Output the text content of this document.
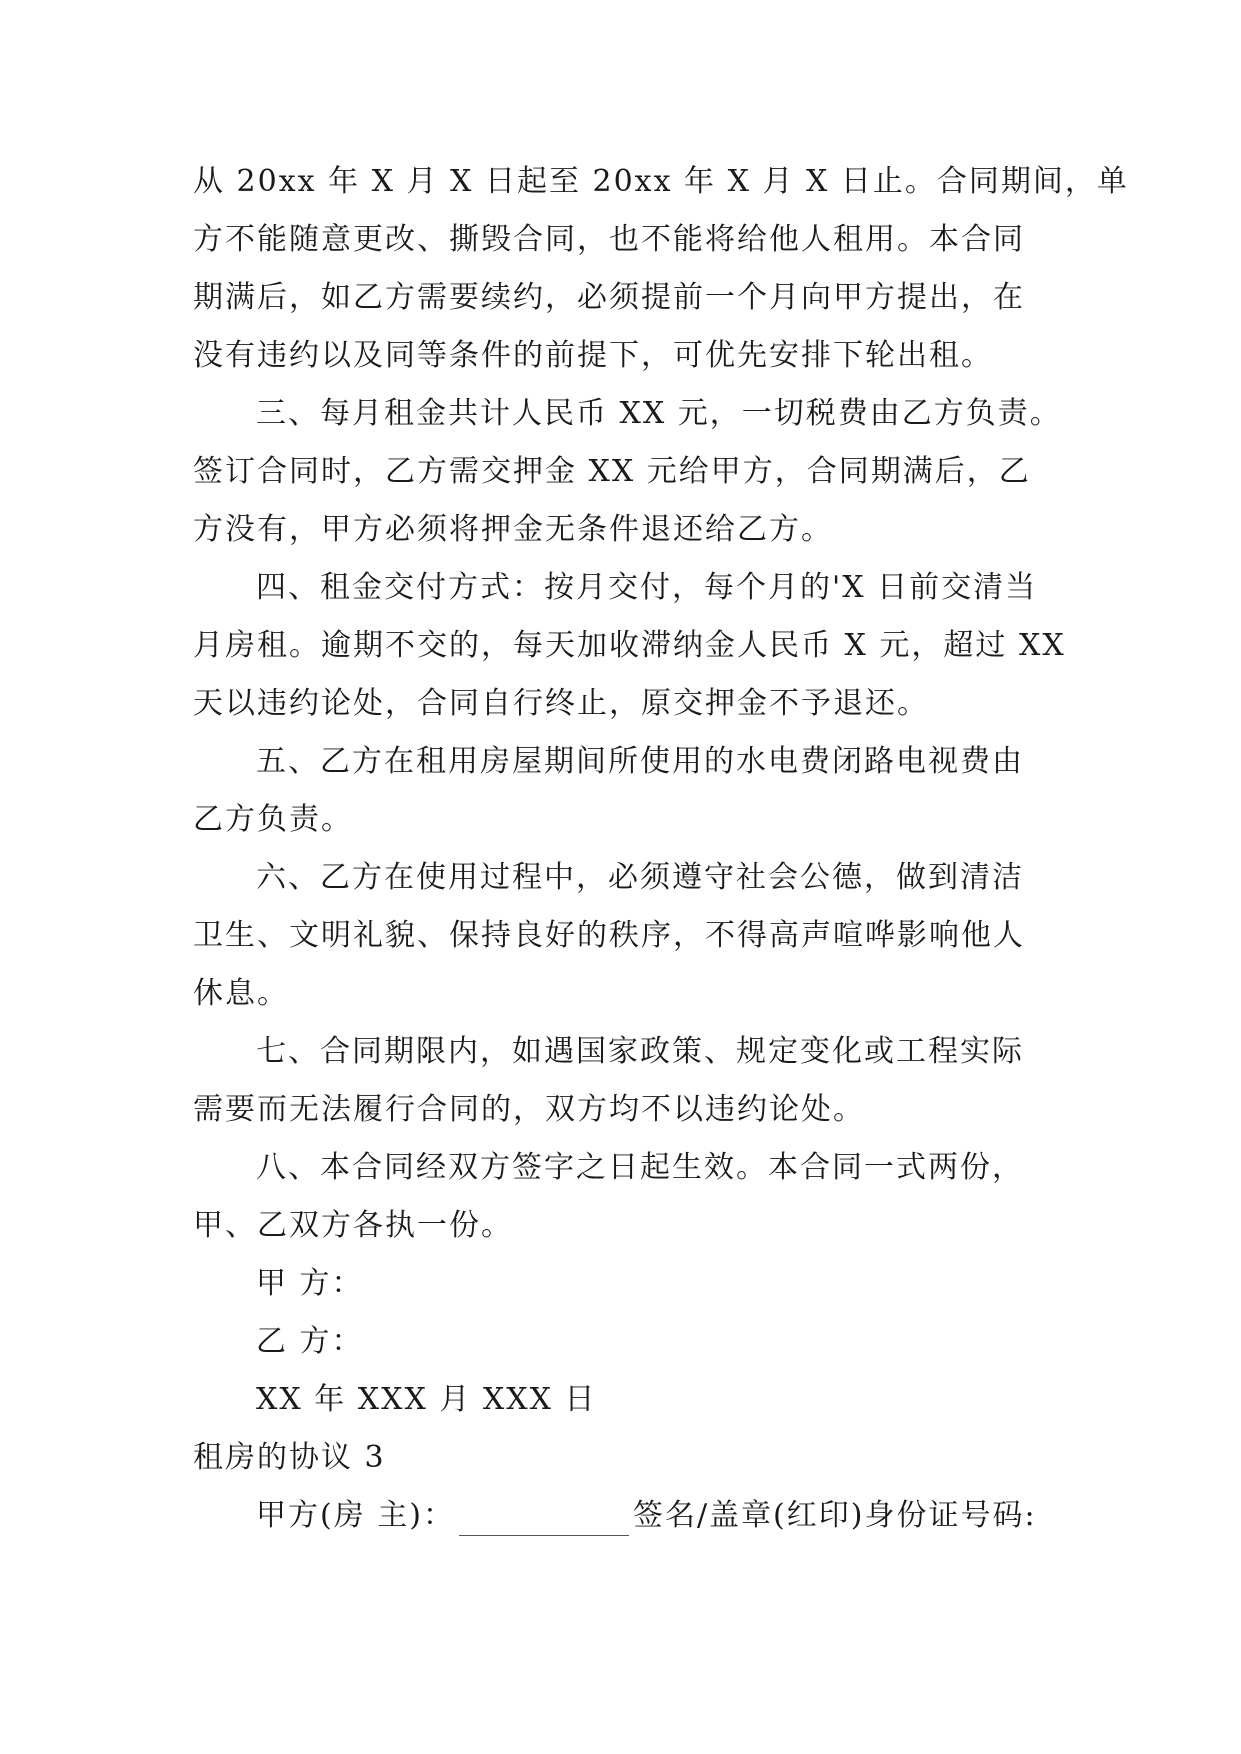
从 20xx 年 X 月 X 日起至 20xx 年 X 月 X 日止。合同期间，单
方不能随意更改、撕毁合同，也不能将给他人租用。本合同
期满后，如乙方需要续约，必须提前一个月向甲方提出，在
没有违约以及同等条件的前提下，可优先安排下轮出租。
三、每月租金共计人民币 XX 元，一切税费由乙方负责。
签订合同时，乙方需交押金 XX 元给甲方，合同期满后，乙
方没有，甲方必须将押金无条件退还给乙方。
四、租金交付方式：按月交付，每个月的'X 日前交清当
月房租。逾期不交的，每天加收滞纳金人民币 X 元，超过 XX
天以违约论处，合同自行终止，原交押金不予退还。
五、乙方在租用房屋期间所使用的水电费闭路电视费由
乙方负责。
六、乙方在使用过程中，必须遵守社会公德，做到清洁
卫生、文明礼貌、保持良好的秩序，不得高声喧哗影响他人
休息。
七、合同期限内，如遇国家政策、规定变化或工程实际
需要而无法履行合同的，双方均不以违约论处。
八、本合同经双方签字之日起生效。本合同一式两份，
甲、乙双方各执一份。
甲 方：
乙 方：
XX 年 XXX 月 XXX 日
租房的协议 3
甲方(房 主)：	签名/盖章(红印)身份证号码:
